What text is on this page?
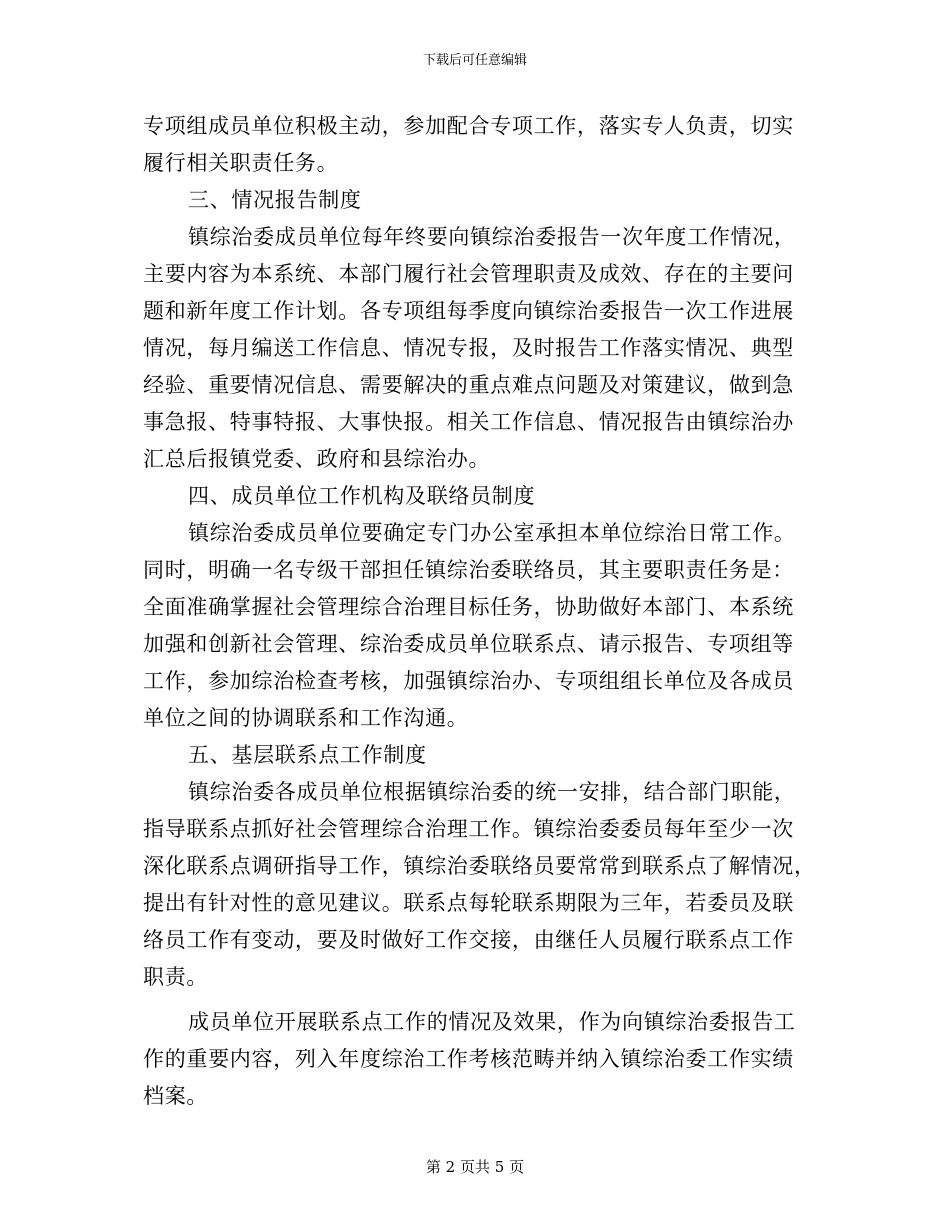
下载后可任意编辑
专项组成员单位积极主动，参加配合专项工作，落实专人负责，切实
履行相关职责任务。
三、情况报告制度
镇综治委成员单位每年终要向镇综治委报告一次年度工作情况，
主要内容为本系统、本部门履行社会管理职责及成效、存在的主要问
题和新年度工作计划。各专项组每季度向镇综治委报告一次工作进展
情况，每月编送工作信息、情况专报，及时报告工作落实情况、典型
经验、重要情况信息、需要解决的重点难点问题及对策建议，做到急
事急报、特事特报、大事快报。相关工作信息、情况报告由镇综治办
汇总后报镇党委、政府和县综治办。
四、成员单位工作机构及联络员制度
镇综治委成员单位要确定专门办公室承担本单位综治日常工作。
同时，明确一名专级干部担任镇综治委联络员，其主要职责任务是：
全面准确掌握社会管理综合治理目标任务，协助做好本部门、本系统
加强和创新社会管理、综治委成员单位联系点、请示报告、专项组等
工作，参加综治检查考核，加强镇综治办、专项组组长单位及各成员
单位之间的协调联系和工作沟通。
五、基层联系点工作制度
镇综治委各成员单位根据镇综治委的统一安排，结合部门职能，
指导联系点抓好社会管理综合治理工作。镇综治委委员每年至少一次
深化联系点调研指导工作，镇综治委联络员要常常到联系点了解情况，
提出有针对性的意见建议。联系点每轮联系期限为三年，若委员及联
络员工作有变动，要及时做好工作交接，由继任人员履行联系点工作
职责。
成员单位开展联系点工作的情况及效果，作为向镇综治委报告工
作的重要内容，列入年度综治工作考核范畴并纳入镇综治委工作实绩
档案。
第 2 页共 5 页
